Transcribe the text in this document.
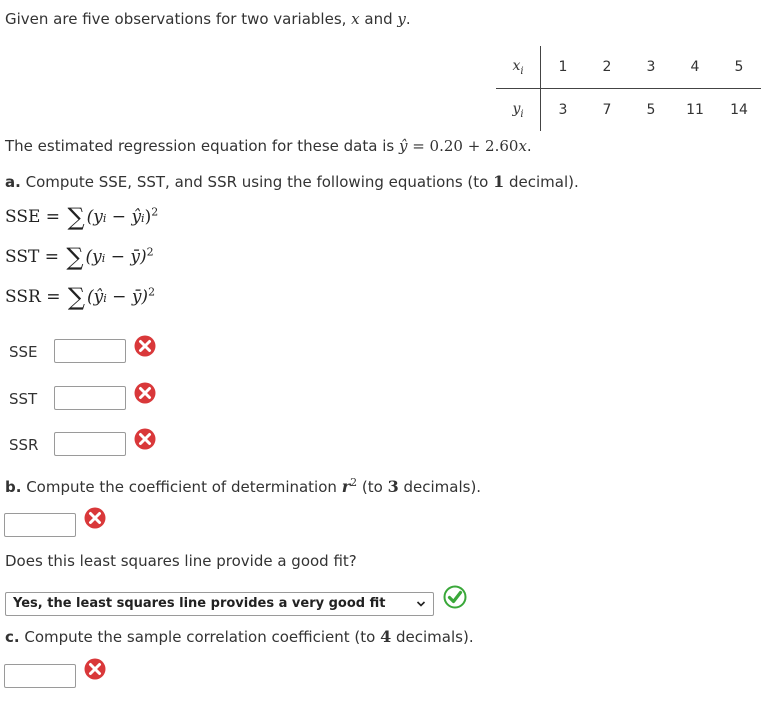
Given are five observations for two variables, x and y.
$x_i$	1	2	3	4	5
$y_i$	3	7	5	11	14
The estimated regression equation for these data is ŷ = 0.20 + 2.60x.
a. Compute SSE, SST, and SSR using the following equations (to 1 decimal).
SSE = ∑ (yi − ŷi)$^2$
SST = ∑ (yi − ȳ)$^2$
SSR = ∑ (ŷi − ȳ)$^2$
SSE
SST
SSR
b. Compute the coefficient of determination $r^2$ (to 3 decimals).
Does this least squares line provide a good fit?
Yes, the least squares line provides a very good fit
c. Compute the sample correlation coefficient (to 4 decimals).
